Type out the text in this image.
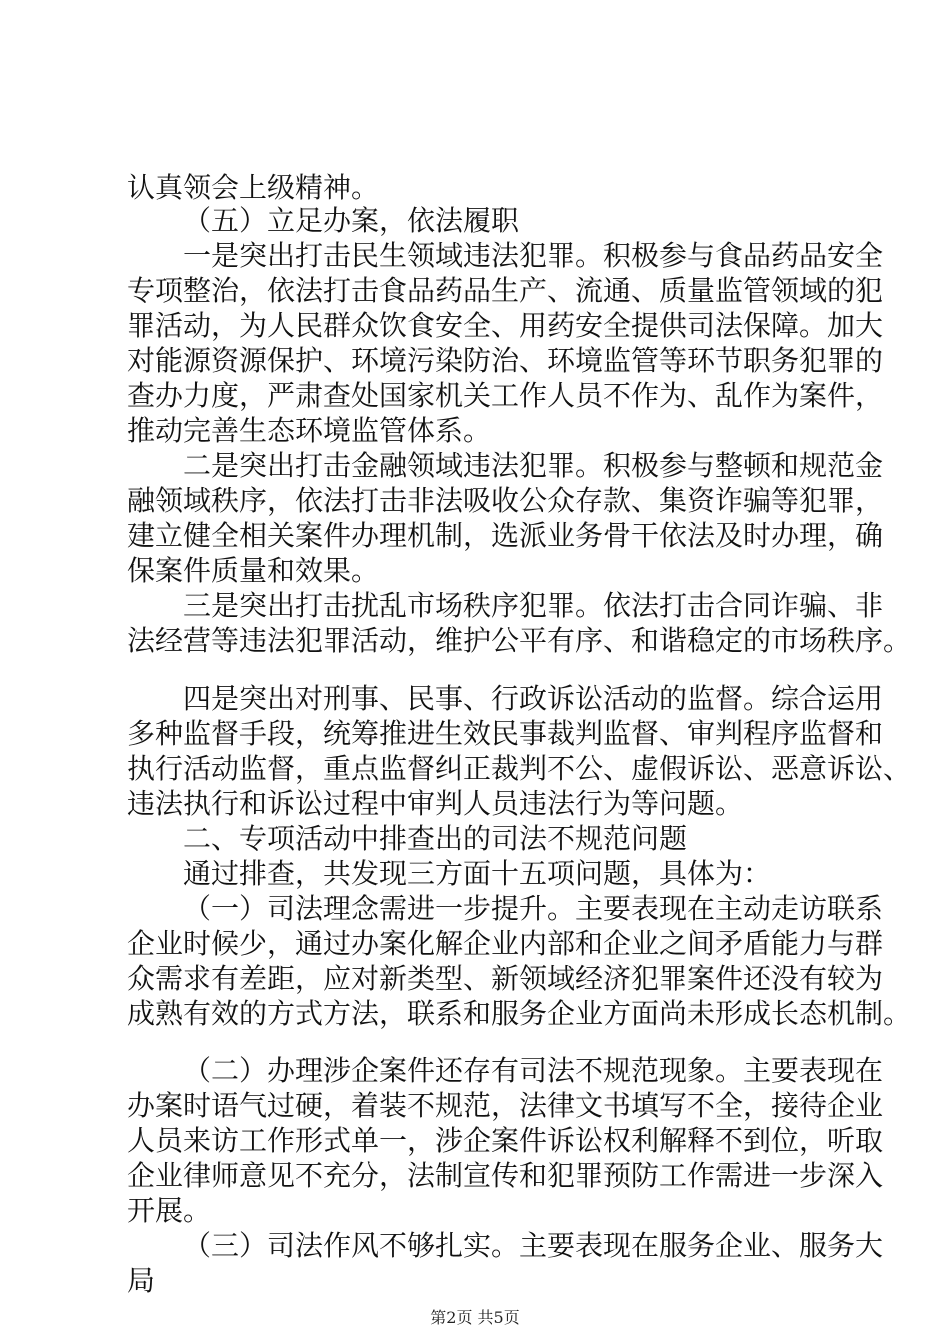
认真领会上级精神。
（五）立足办案，依法履职
一是突出打击民生领域违法犯罪。积极参与食品药品安全
专项整治，依法打击食品药品生产、流通、质量监管领域的犯
罪活动，为人民群众饮食安全、用药安全提供司法保障。加大
对能源资源保护、环境污染防治、环境监管等环节职务犯罪的
查办力度，严肃查处国家机关工作人员不作为、乱作为案件，
推动完善生态环境监管体系。
二是突出打击金融领域违法犯罪。积极参与整顿和规范金
融领域秩序，依法打击非法吸收公众存款、集资诈骗等犯罪，
建立健全相关案件办理机制，选派业务骨干依法及时办理，确
保案件质量和效果。
三是突出打击扰乱市场秩序犯罪。依法打击合同诈骗、非
法经营等违法犯罪活动，维护公平有序、和谐稳定的市场秩序。
四是突出对刑事、民事、行政诉讼活动的监督。综合运用
多种监督手段，统筹推进生效民事裁判监督、审判程序监督和
执行活动监督，重点监督纠正裁判不公、虚假诉讼、恶意诉讼、
违法执行和诉讼过程中审判人员违法行为等问题。
二、专项活动中排查出的司法不规范问题
通过排查，共发现三方面十五项问题，具体为：
（一）司法理念需进一步提升。主要表现在主动走访联系
企业时候少，通过办案化解企业内部和企业之间矛盾能力与群
众需求有差距，应对新类型、新领域经济犯罪案件还没有较为
成熟有效的方式方法，联系和服务企业方面尚未形成长态机制。
（二）办理涉企案件还存有司法不规范现象。主要表现在
办案时语气过硬，着装不规范，法律文书填写不全，接待企业
人员来访工作形式单一，涉企案件诉讼权利解释不到位，听取
企业律师意见不充分，法制宣传和犯罪预防工作需进一步深入
开展。
（三）司法作风不够扎实。主要表现在服务企业、服务大
局
第2页 共5页
